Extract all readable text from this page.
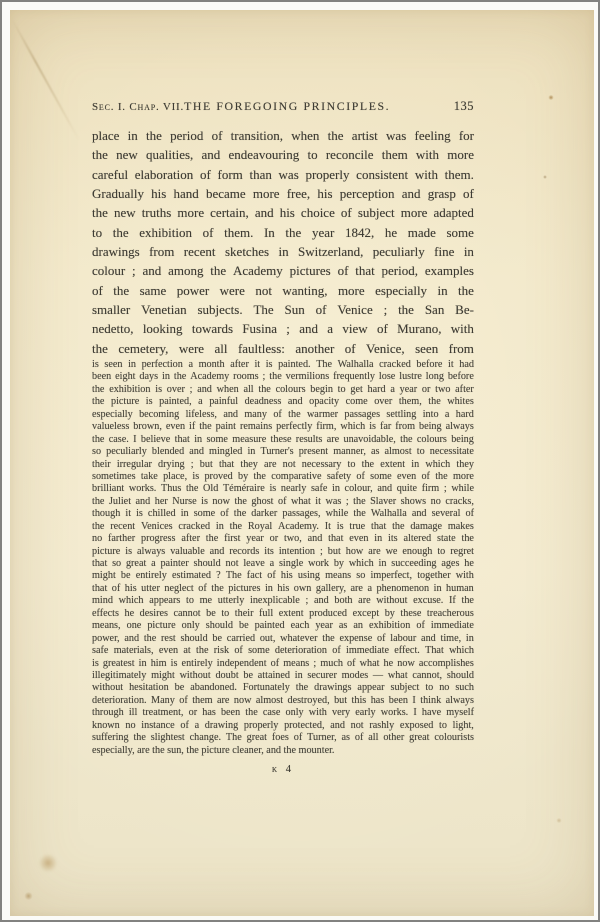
Sec. I. Chap. VII. THE FOREGOING PRINCIPLES.	135
place in the period of transition, when the artist was feeling for
the new qualities, and endeavouring to reconcile them with more
careful elaboration of form than was properly consistent with them.
Gradually his hand became more free, his perception and grasp of
the new truths more certain, and his choice of subject more adapted
to the exhibition of them. In the year 1842, he made some
drawings from recent sketches in Switzerland, peculiarly fine in
colour ; and among the Academy pictures of that period, examples
of the same power were not wanting, more especially in the
smaller Venetian subjects. The Sun of Venice ; the San Be-
nedetto, looking towards Fusina ; and a view of Murano, with
the cemetery, were all faultless: another of Venice, seen from
is seen in perfection a month after it is painted. The Walhalla cracked before it had
been eight days in the Academy rooms ; the vermilions frequently lose lustre long before
the exhibition is over ; and when all the colours begin to get hard a year or two after
the picture is painted, a painful deadness and opacity come over them, the whites
especially becoming lifeless, and many of the warmer passages settling into a hard
valueless brown, even if the paint remains perfectly firm, which is far from being always
the case. I believe that in some measure these results are unavoidable, the colours being
so peculiarly blended and mingled in Turner's present manner, as almost to necessitate
their irregular drying ; but that they are not necessary to the extent in which they
sometimes take place, is proved by the comparative safety of some even of the more
brilliant works. Thus the Old Téméraire is nearly safe in colour, and quite firm ; while
the Juliet and her Nurse is now the ghost of what it was ; the Slaver shows no cracks,
though it is chilled in some of the darker passages, while the Walhalla and several of
the recent Venices cracked in the Royal Academy. It is true that the damage makes
no farther progress after the first year or two, and that even in its altered state the
picture is always valuable and records its intention ; but how are we enough to regret
that so great a painter should not leave a single work by which in succeeding ages he
might be entirely estimated ? The fact of his using means so imperfect, together with
that of his utter neglect of the pictures in his own gallery, are a phenomenon in human
mind which appears to me utterly inexplicable ; and both are without excuse. If the
effects he desires cannot be to their full extent produced except by these treacherous
means, one picture only should be painted each year as an exhibition of immediate
power, and the rest should be carried out, whatever the expense of labour and time, in
safe materials, even at the risk of some deterioration of immediate effect. That which
is greatest in him is entirely independent of means ; much of what he now accomplishes
illegitimately might without doubt be attained in securer modes — what cannot, should
without hesitation be abandoned. Fortunately the drawings appear subject to no such
deterioration. Many of them are now almost destroyed, but this has been I think always
through ill treatment, or has been the case only with very early works. I have myself
known no instance of a drawing properly protected, and not rashly exposed to light,
suffering the slightest change. The great foes of Turner, as of all other great colourists
especially, are the sun, the picture cleaner, and the mounter.
k 4
